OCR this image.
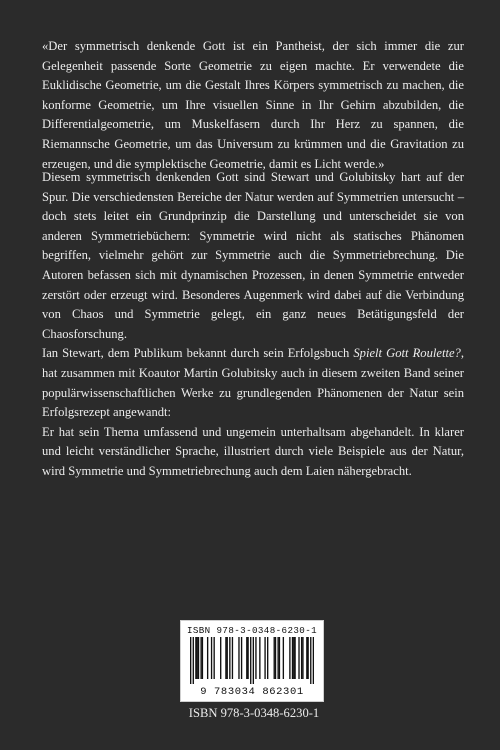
«Der symmetrisch denkende Gott ist ein Pantheist, der sich immer die zur Gelegenheit passende Sorte Geometrie zu eigen machte. Er verwendete die Euklidische Geometrie, um die Gestalt Ihres Körpers symmetrisch zu machen, die konforme Geometrie, um Ihre visuellen Sinne in Ihr Gehirn abzubilden, die Differentialgeometrie, um Muskelfasern durch Ihr Herz zu spannen, die Riemannsche Geometrie, um das Universum zu krümmen und die Gravitation zu erzeugen, und die symplektische Geometrie, damit es Licht werde.»

Diesem symmetrisch denkenden Gott sind Stewart und Golubitsky hart auf der Spur. Die verschiedensten Bereiche der Natur werden auf Symmetrien untersucht – doch stets leitet ein Grundprinzip die Darstellung und unterscheidet sie von anderen Symmetriebüchern: Symmetrie wird nicht als statisches Phänomen begriffen, vielmehr gehört zur Symmetrie auch die Symmetriebrechung. Die Autoren befassen sich mit dynamischen Prozessen, in denen Symmetrie entweder zerstört oder erzeugt wird. Besonderes Augenmerk wird dabei auf die Verbindung von Chaos und Symmetrie gelegt, ein ganz neues Betätigungsfeld der Chaosforschung.

Ian Stewart, dem Publikum bekannt durch sein Erfolgsbuch Spielt Gott Roulette?, hat zusammen mit Koautor Martin Golubitsky auch in diesem zweiten Band seiner populärwissenschaftlichen Werke zu grundlegenden Phänomenen der Natur sein Erfolgsrezept angewandt:

Er hat sein Thema umfassend und ungemein unterhaltsam abgehandelt. In klarer und leicht verständlicher Sprache, illustriert durch viele Beispiele aus der Natur, wird Symmetrie und Symmetriebrechung auch dem Laien nähergebracht.

ISBN 978-3-0348-6230-1
9 783034 862301
ISBN 978-3-0348-6230-1
